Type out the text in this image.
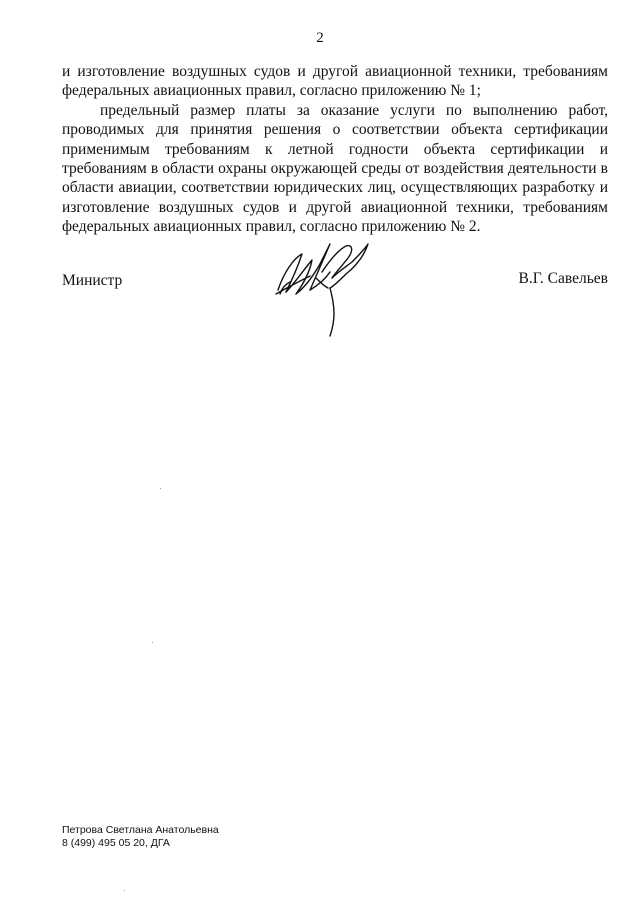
2

и изготовление воздушных судов и другой авиационной техники, требованиям федеральных авиационных правил, согласно приложению № 1;

предельный размер платы за оказание услуги по выполнению работ, проводимых для принятия решения о соответствии объекта сертификации применимым требованиям к летной годности объекта сертификации и требованиям в области охраны окружающей среды от воздействия деятельности в области авиации, соответствии юридических лиц, осуществляющих разработку и изготовление воздушных судов и другой авиационной техники, требованиям федеральных авиационных правил, согласно приложению № 2.

Министр	В.Г. Савельев
Петрова Светлана Анатольевна
8 (499) 495 05 20, ДГА
